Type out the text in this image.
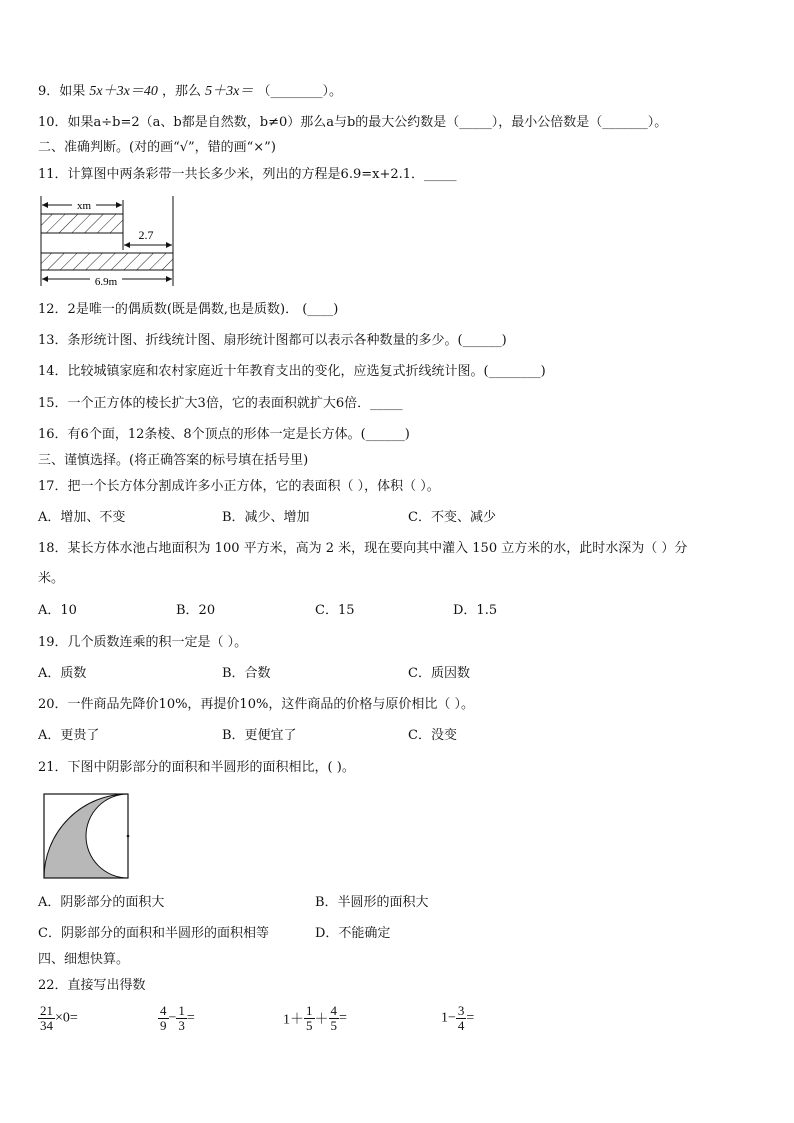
9．如果 5x＋3x＝40 ，那么 5＋3x＝ （________）。
10．如果a÷b=2（a、b都是自然数，b≠0）那么a与b的最大公约数是（_____），最小公倍数是（_______）。
二、准确判断。(对的画“√”，错的画“×”)
11．计算图中两条彩带一共长多少米，列出的方程是6.9=x+2.1．_____
xm
2.7
6.9m
12．2是唯一的偶质数(既是偶数,也是质数)． (____)
13．条形统计图、折线统计图、扇形统计图都可以表示各种数量的多少。(______)
14．比较城镇家庭和农村家庭近十年教育支出的变化，应选复式折线统计图。(________)
15．一个正方体的棱长扩大3倍，它的表面积就扩大6倍．_____
16．有6个面，12条棱、8个顶点的形体一定是长方体。(______)
三、谨慎选择。(将正确答案的标号填在括号里)
17．把一个长方体分割成许多小正方体，它的表面积（ ），体积（ ）。
A．增加、不变	B．减少、增加	C．不变、减少
18．某长方体水池占地面积为 100 平方米，高为 2 米，现在要向其中灌入 150 立方米的水，此时水深为（ ）分
米。
A．10	B．20	C．15	D．1.5
19．几个质数连乘的积一定是（ ）。
A．质数	B．合数	C．质因数
20．一件商品先降价10%，再提价10%，这件商品的价格与原价相比（ ）。
A．更贵了	B．更便宜了	C．没变
21．下图中阴影部分的面积和半圆形的面积相比，( )。
A．阴影部分的面积大	B．半圆形的面积大
C．阴影部分的面积和半圆形的面积相等	D．不能确定
四、细想快算。
22．直接写出得数
$\frac{21}{34} \times 0=$	$\frac{4}{9} - \frac{1}{3}$ =	$1+ \frac{1}{5} + \frac{4}{5}$ =	$1- \frac{3}{4}$ =
